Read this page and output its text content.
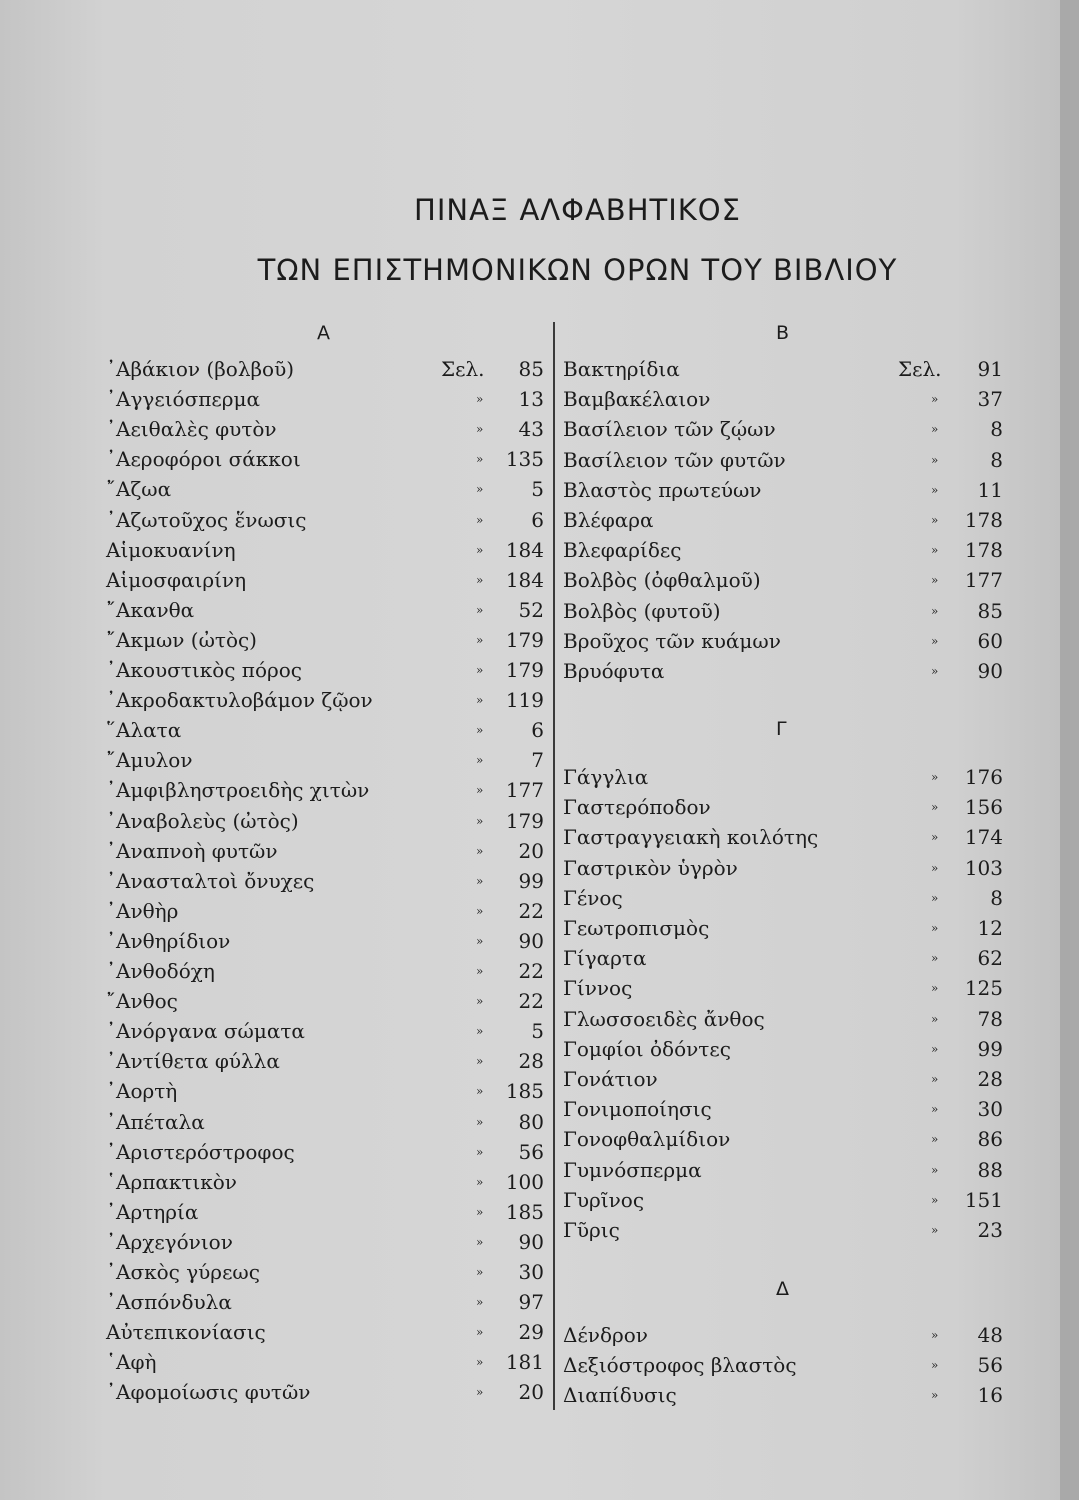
ΠΙΝΑΞ ΑΛΦΑΒΗΤΙΚΟΣ
ΤΩΝ ΕΠΙΣΤΗΜΟΝΙΚΩΝ ΟΡΩΝ ΤΟΥ ΒΙΒΛΙΟΥ
Α
᾽Αβάκιον (βολβοῦ)	Σελ.	85
᾽Αγγειόσπερμα	»	13
᾽Αειθαλὲς φυτὸν	»	43
᾽Αεροφόροι σάκκοι	»	135
῎Αζωα	»	5
᾽Αζωτοῦχος ἕνωσις	»	6
Αἱμοκυανίνη	»	184
Αἱμοσφαιρίνη	»	184
῎Ακανθα	»	52
῎Ακμων (ὠτὸς)	»	179
᾽Ακουστικὸς πόρος	»	179
᾽Ακροδακτυλοβάμον ζῷον	»	119
῞Αλατα	»	6
῎Αμυλον	»	7
᾽Αμφιβληστροειδὴς χιτὼν	»	177
᾽Αναβολεὺς (ὠτὸς)	»	179
᾽Αναπνοὴ φυτῶν	»	20
᾽Ανασταλτοὶ ὄνυχες	»	99
᾽Ανθὴρ	»	22
᾽Ανθηρίδιον	»	90
᾽Ανθοδόχη	»	22
῎Ανθος	»	22
᾽Ανόργανα σώματα	»	5
᾽Αντίθετα φύλλα	»	28
᾽Αορτὴ	»	185
᾽Απέταλα	»	80
᾽Αριστερόστροφος	»	56
῾Αρπακτικὸν	»	100
᾽Αρτηρία	»	185
᾽Αρχεγόνιον	»	90
᾽Ασκὸς γύρεως	»	30
᾽Ασπόνδυλα	»	97
Αὐτεπικονίασις	»	29
῾Αφὴ	»	181
᾽Αφομοίωσις φυτῶν	»	20
Β
Βακτηρίδια	Σελ.	91
Βαμβακέλαιον	»	37
Βασίλειον τῶν ζῴων	»	8
Βασίλειον τῶν φυτῶν	»	8
Βλαστὸς πρωτεύων	»	11
Βλέφαρα	»	178
Βλεφαρίδες	»	178
Βολβὸς (ὀφθαλμοῦ)	»	177
Βολβὸς (φυτοῦ)	»	85
Βροῦχος τῶν κυάμων	»	60
Βρυόφυτα	»	90
Γ
Γάγγλια	»	176
Γαστερόποδον	»	156
Γαστραγγειακὴ κοιλότης	»	174
Γαστρικὸν ὑγρὸν	»	103
Γένος	»	8
Γεωτροπισμὸς	»	12
Γίγαρτα	»	62
Γίννος	»	125
Γλωσσοειδὲς ἄνθος	»	78
Γομφίοι ὀδόντες	»	99
Γονάτιον	»	28
Γονιμοποίησις	»	30
Γονοφθαλμίδιον	»	86
Γυμνόσπερμα	»	88
Γυρῖνος	»	151
Γῦρις	»	23
Δ
Δένδρον	»	48
Δεξιόστροφος βλαστὸς	»	56
Διαπίδυσις	»	16
